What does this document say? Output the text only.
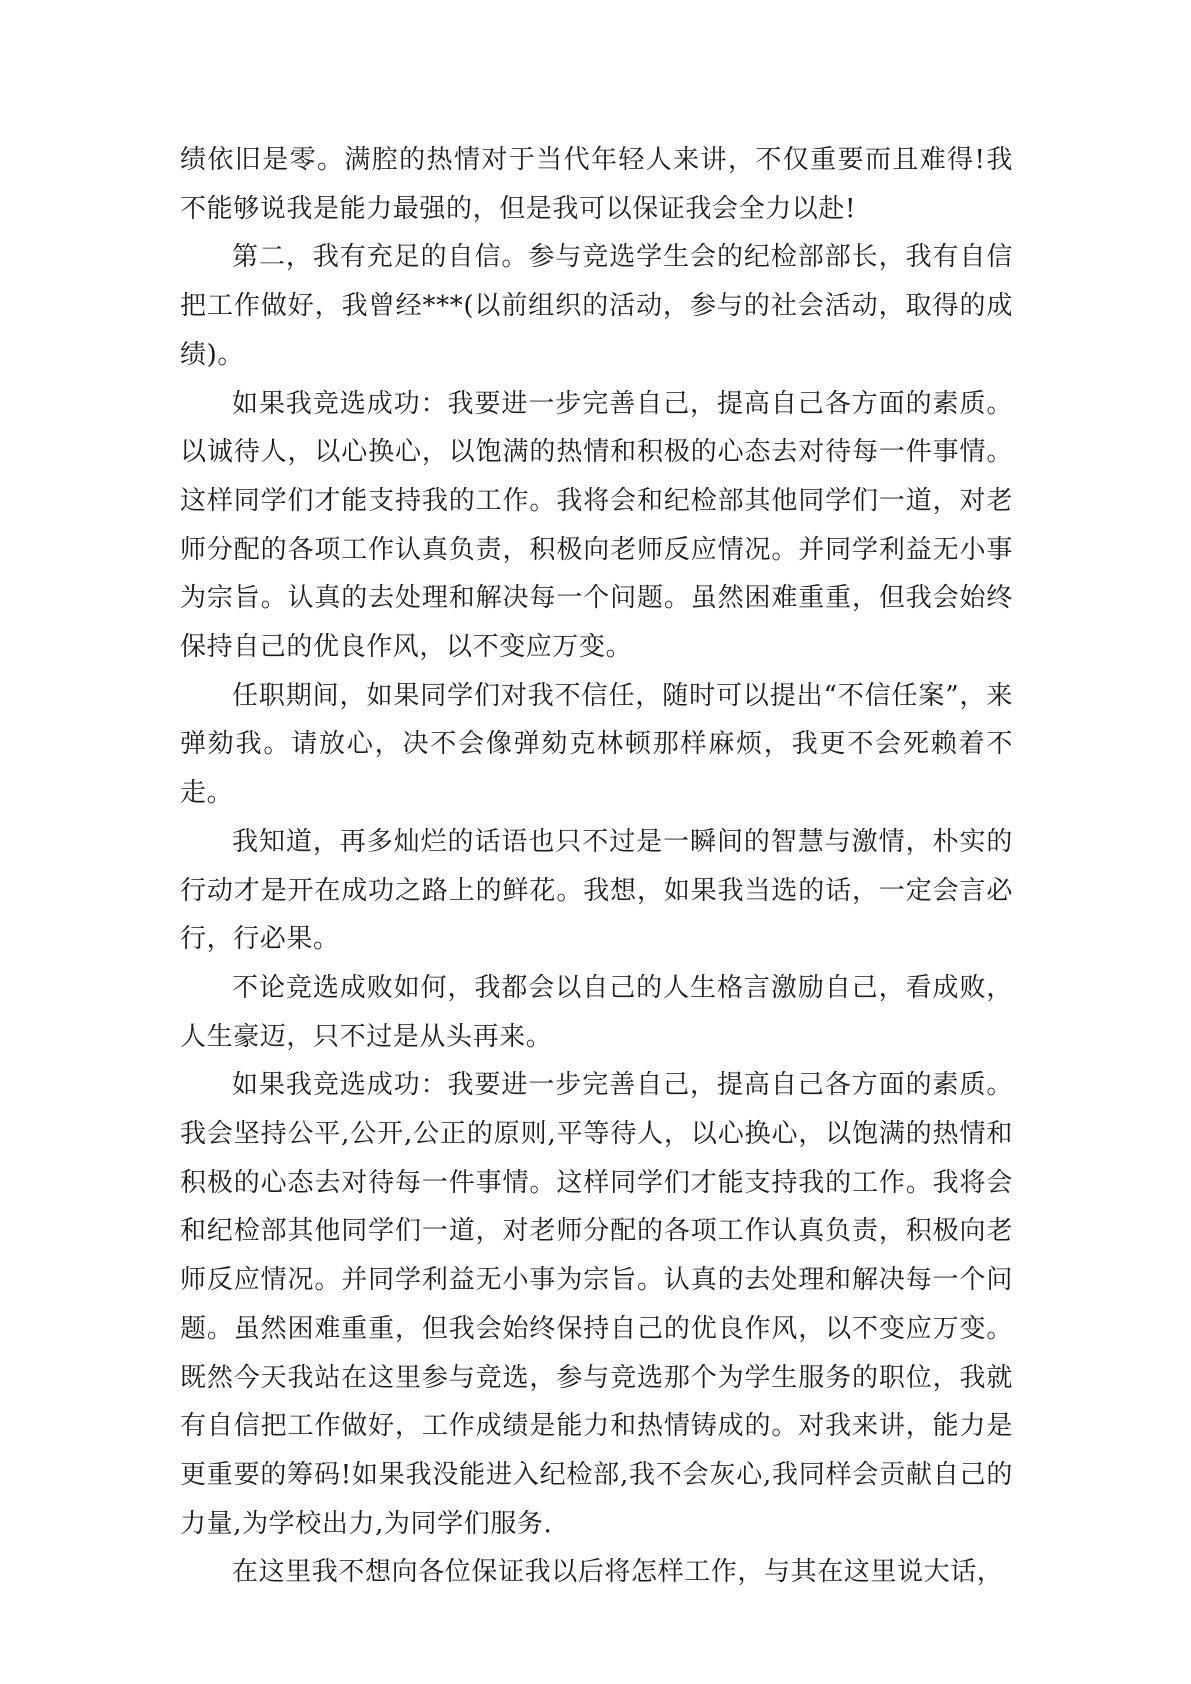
绩依旧是零。满腔的热情对于当代年轻人来讲，不仅重要而且难得!我不能够说我是能力最强的，但是我可以保证我会全力以赴!

第二，我有充足的自信。参与竞选学生会的纪检部部长，我有自信把工作做好，我曾经***(以前组织的活动，参与的社会活动，取得的成绩)。

如果我竞选成功：我要进一步完善自己，提高自己各方面的素质。以诚待人，以心换心，以饱满的热情和积极的心态去对待每一件事情。这样同学们才能支持我的工作。我将会和纪检部其他同学们一道，对老师分配的各项工作认真负责，积极向老师反应情况。并同学利益无小事为宗旨。认真的去处理和解决每一个问题。虽然困难重重，但我会始终保持自己的优良作风，以不变应万变。

任职期间，如果同学们对我不信任，随时可以提出“不信任案”，来弹劾我。请放心，决不会像弹劾克林顿那样麻烦，我更不会死赖着不走。

我知道，再多灿烂的话语也只不过是一瞬间的智慧与激情，朴实的行动才是开在成功之路上的鲜花。我想，如果我当选的话，一定会言必行，行必果。

不论竞选成败如何，我都会以自己的人生格言激励自己，看成败，人生豪迈，只不过是从头再来。

如果我竞选成功：我要进一步完善自己，提高自己各方面的素质。我会坚持公平,公开,公正的原则,平等待人，以心换心，以饱满的热情和积极的心态去对待每一件事情。这样同学们才能支持我的工作。我将会和纪检部其他同学们一道，对老师分配的各项工作认真负责，积极向老师反应情况。并同学利益无小事为宗旨。认真的去处理和解决每一个问题。虽然困难重重，但我会始终保持自己的优良作风，以不变应万变。 既然今天我站在这里参与竞选，参与竞选那个为学生服务的职位，我就有自信把工作做好，工作成绩是能力和热情铸成的。对我来讲，能力是更重要的筹码!如果我没能进入纪检部,我不会灰心,我同样会贡献自己的力量,为学校出力,为同学们服务.

在这里我不想向各位保证我以后将怎样工作，与其在这里说大话，
